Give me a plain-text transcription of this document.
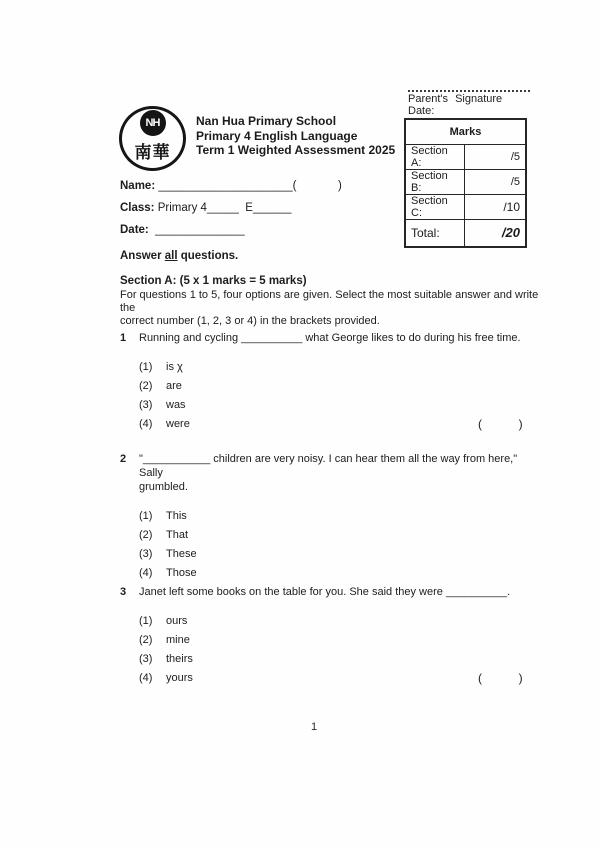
NH
南華
Nan Hua Primary School
Primary 4 English Language
Term 1 Weighted Assessment 2025
Parent's Signature
Date:
Marks	
Section A:	/5
Section B:	/5
Section C:	/10
Total:	/20
Name: _____________________(             )
Class: Primary 4_____  E______
Date:  ______________
Answer all questions.
Section A: (5 x 1 marks = 5 marks)
For questions 1 to 5, four options are given. Select the most suitable answer and write the
correct number (1, 2, 3 or 4) in the brackets provided.
1	Running and cycling __________ what George likes to do during his free time.
(1)	is χ
(2)	are
(3)	was
(4)	were	(           )
2	"___________ children are very noisy. I can hear them all the way from here," Sally
grumbled.
(1)	This
(2)	That
(3)	These
(4)	Those
3	Janet left some books on the table for you. She said they were __________.
(1)	ours
(2)	mine
(3)	theirs
(4)	yours	(           )
1
